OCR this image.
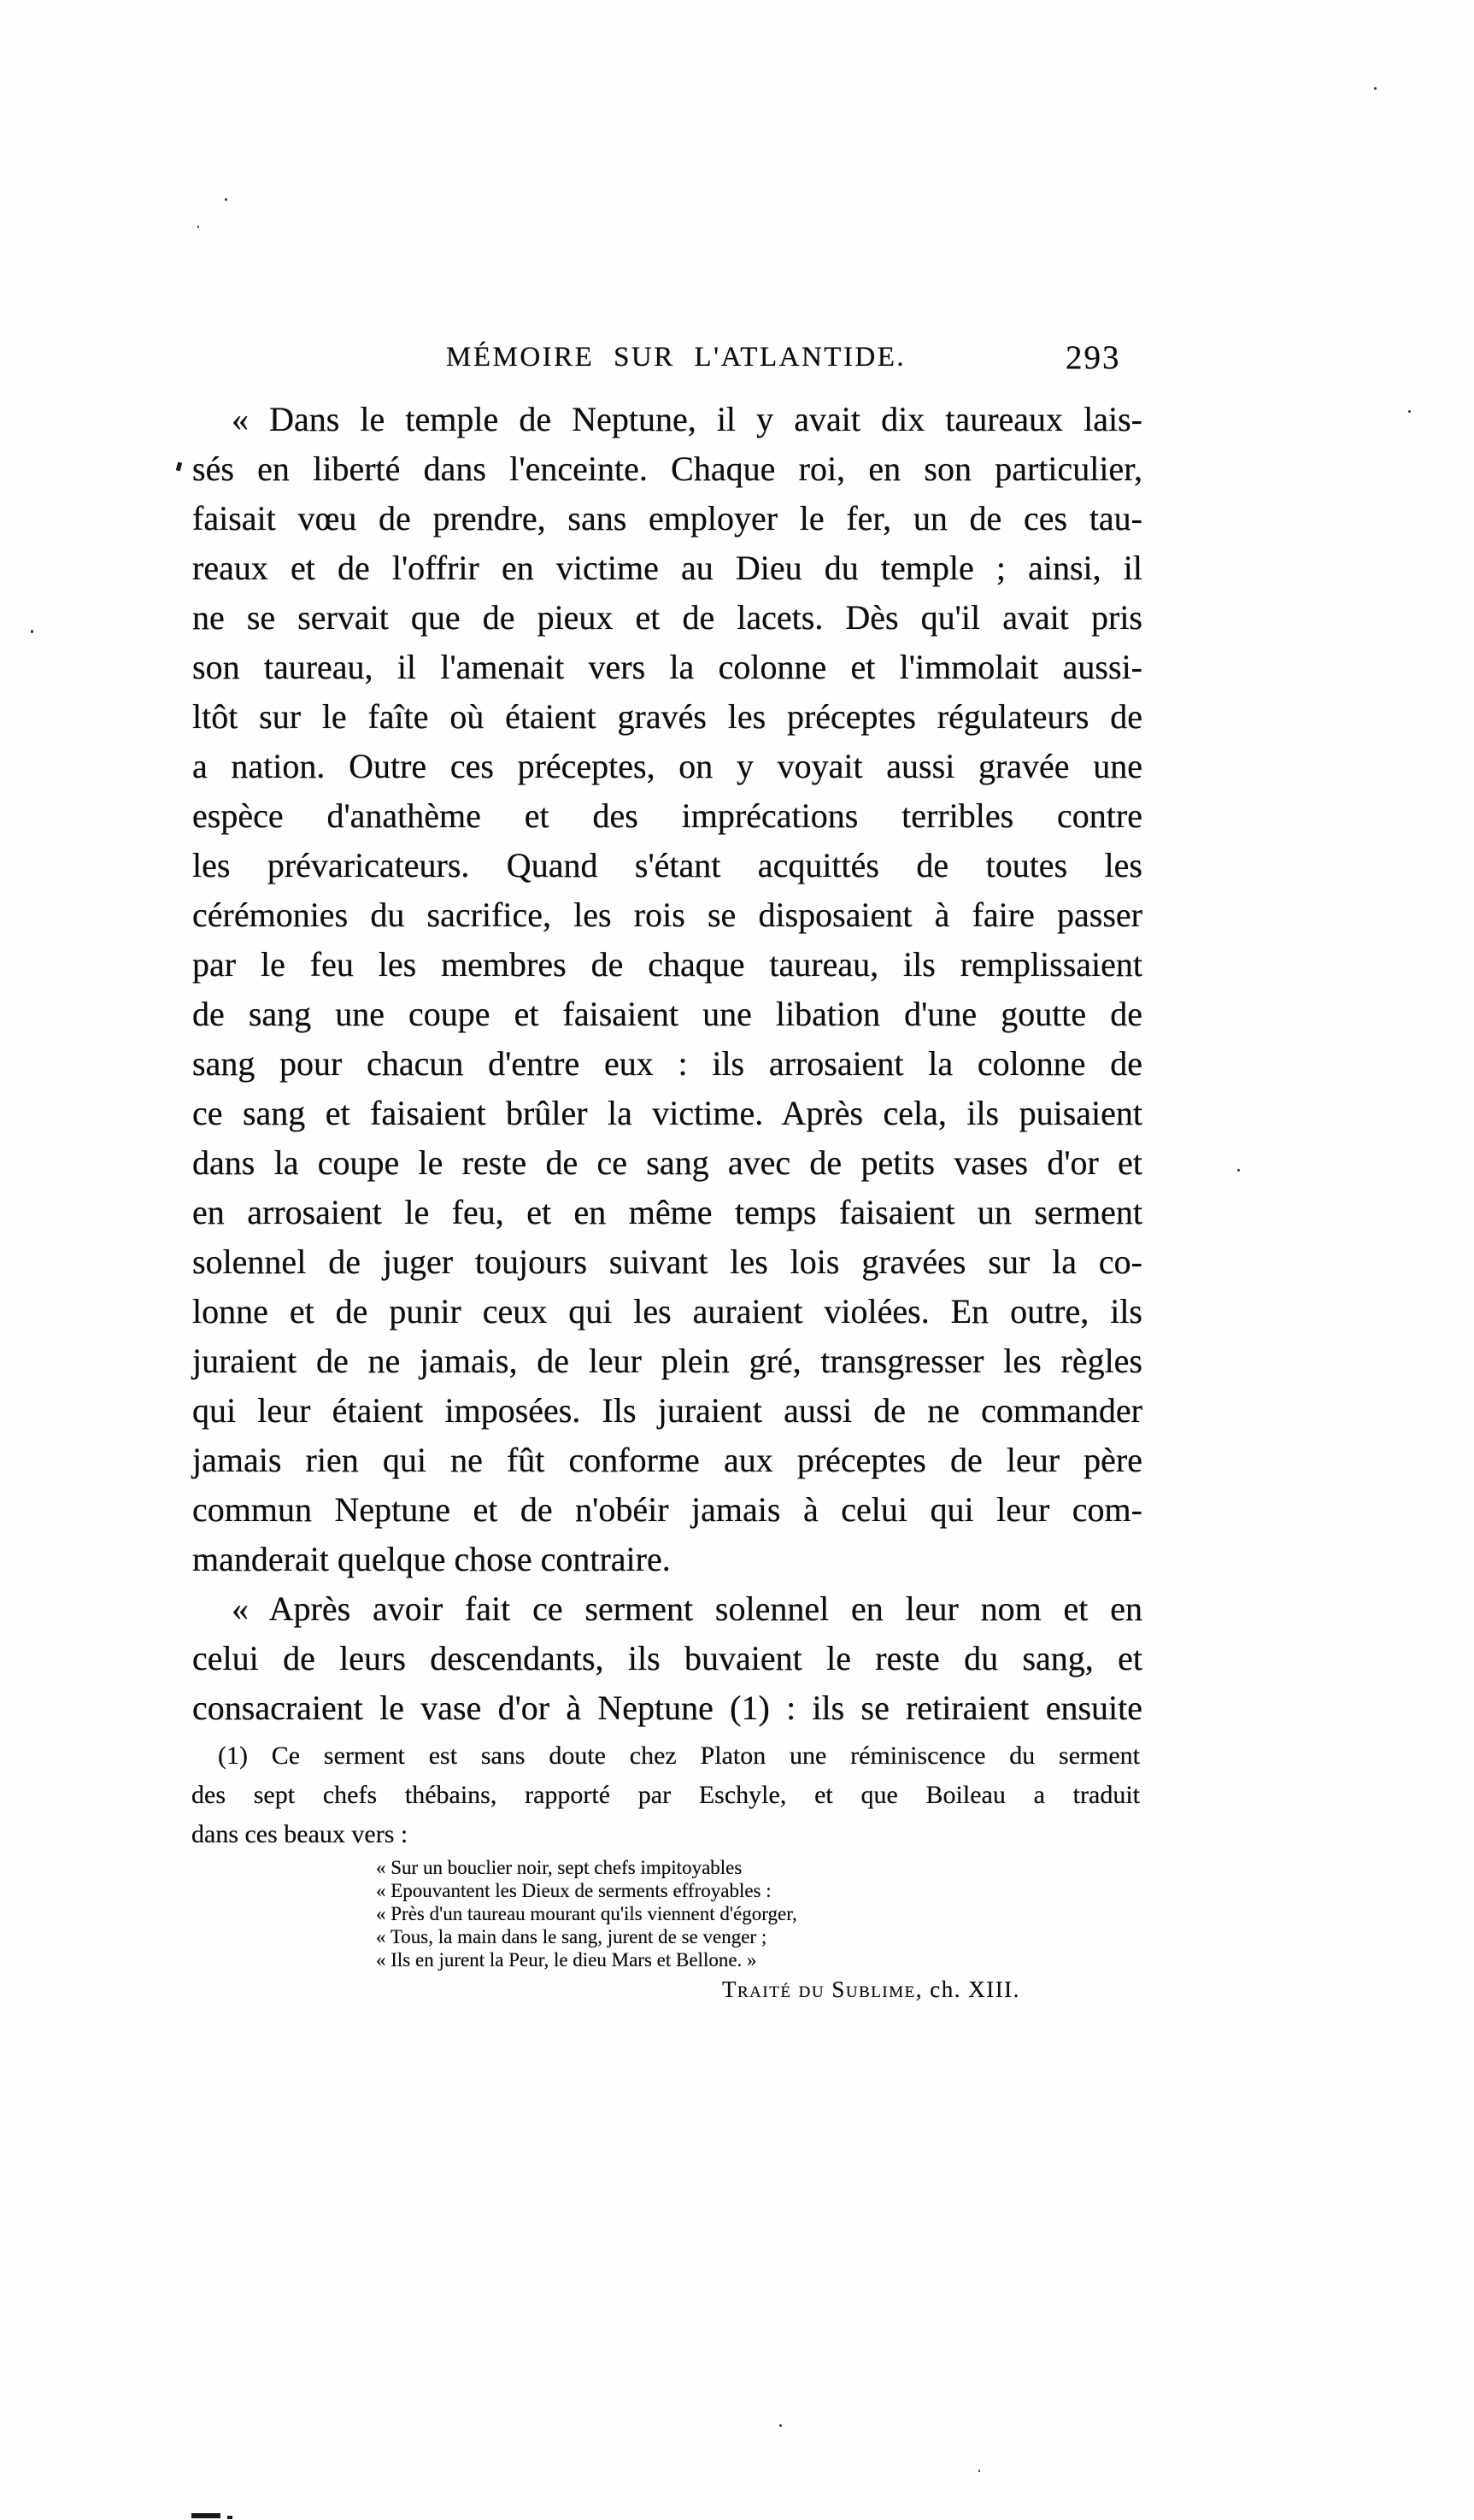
MÉMOIRE SUR L'ATLANTIDE.	293
« Dans le temple de Neptune, il y avait dix taureaux lais-
sés en liberté dans l'enceinte. Chaque roi, en son particulier,
faisait vœu de prendre, sans employer le fer, un de ces tau-
reaux et de l'offrir en victime au Dieu du temple ; ainsi, il
ne se servait que de pieux et de lacets. Dès qu'il avait pris
son taureau, il l'amenait vers la colonne et l'immolait aussi-
ltôt sur le faîte où étaient gravés les préceptes régulateurs de
a nation. Outre ces préceptes, on y voyait aussi gravée une
espèce d'anathème et des imprécations terribles contre
les prévaricateurs. Quand s'étant acquittés de toutes les
cérémonies du sacrifice, les rois se disposaient à faire passer
par le feu les membres de chaque taureau, ils remplissaient
de sang une coupe et faisaient une libation d'une goutte de
sang pour chacun d'entre eux : ils arrosaient la colonne de
ce sang et faisaient brûler la victime. Après cela, ils puisaient
dans la coupe le reste de ce sang avec de petits vases d'or et
en arrosaient le feu, et en même temps faisaient un serment
solennel de juger toujours suivant les lois gravées sur la co-
lonne et de punir ceux qui les auraient violées. En outre, ils
juraient de ne jamais, de leur plein gré, transgresser les règles
qui leur étaient imposées. Ils juraient aussi de ne commander
jamais rien qui ne fût conforme aux préceptes de leur père
commun Neptune et de n'obéir jamais à celui qui leur com-
manderait quelque chose contraire.
« Après avoir fait ce serment solennel en leur nom et en
celui de leurs descendants, ils buvaient le reste du sang, et
consacraient le vase d'or à Neptune (1) : ils se retiraient ensuite
(1) Ce serment est sans doute chez Platon une réminiscence du serment
des sept chefs thébains, rapporté par Eschyle, et que Boileau a traduit
dans ces beaux vers :
« Sur un bouclier noir, sept chefs impitoyables
« Epouvantent les Dieux de serments effroyables :
« Près d'un taureau mourant qu'ils viennent d'égorger,
« Tous, la main dans le sang, jurent de se venger ;
« Ils en jurent la Peur, le dieu Mars et Bellone. »
Traité du Sublime, ch. XIII.
